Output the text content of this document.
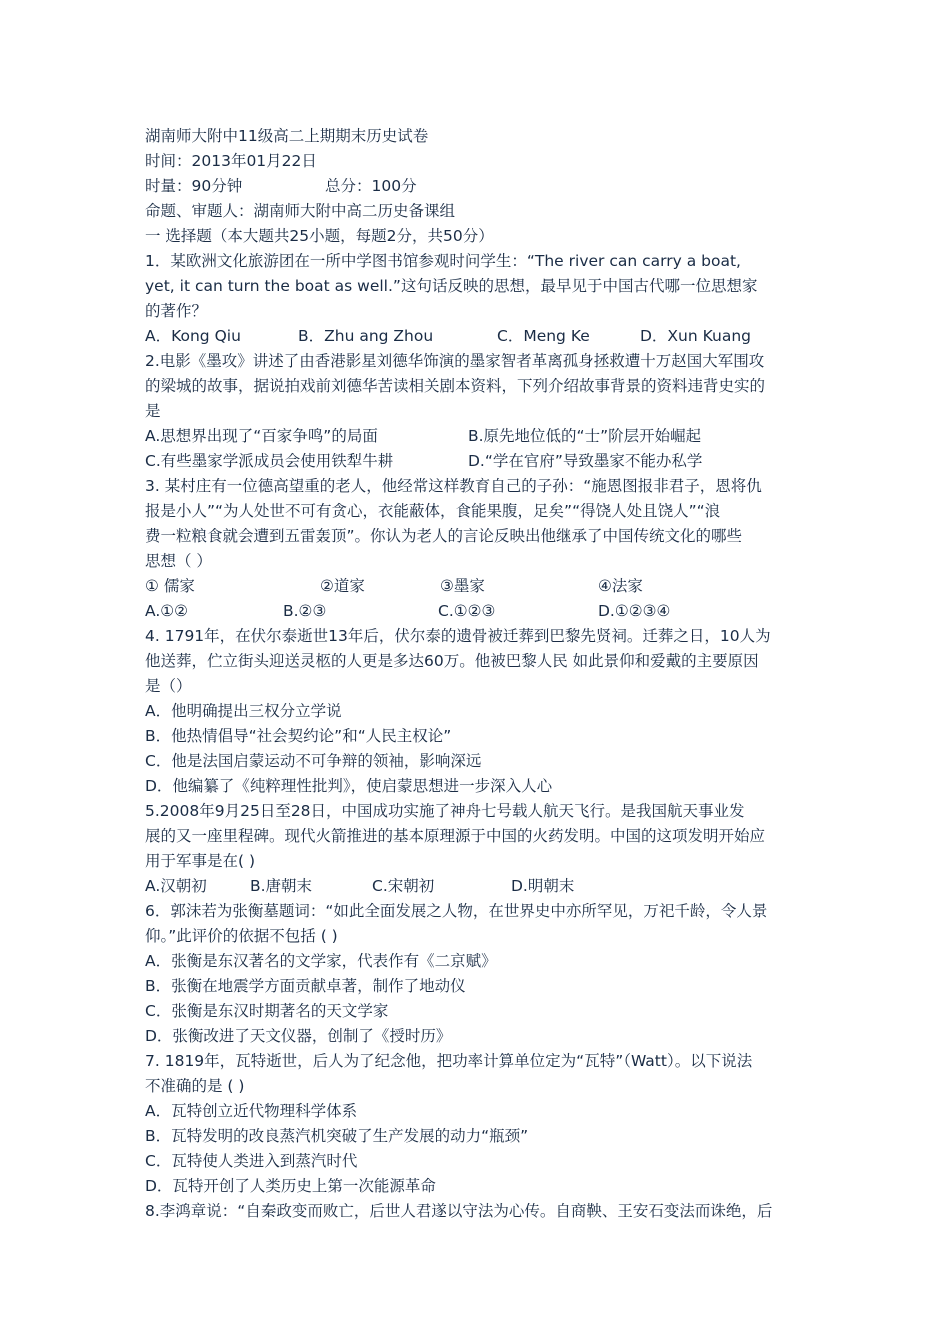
湖南师大附中11级高二上期期末历史试卷
时间：2013年01月22日
时量：90分钟	总分：100分
命题、审题人：湖南师大附中高二历史备课组
一 选择题（本大题共25小题，每题2分，共50分）
1．某欧洲文化旅游团在一所中学图书馆参观时问学生：“The river can carry a boat,
yet, it can turn the boat as well.”这句话反映的思想，最早见于中国古代哪一位思想家
的著作？
A．Kong Qiu	B．Zhu ang Zhou	C．Meng Ke	D．Xun Kuang
2.电影《墨攻》讲述了由香港影星刘德华饰演的墨家智者革离孤身拯救遭十万赵国大军围攻
的梁城的故事，据说拍戏前刘德华苦读相关剧本资料，下列介绍故事背景的资料违背史实的
是
A.思想界出现了“百家争鸣”的局面	B.原先地位低的“士”阶层开始崛起
C.有些墨家学派成员会使用铁犁牛耕	D.“学在官府”导致墨家不能办私学
3. 某村庄有一位德高望重的老人，他经常这样教育自己的子孙：“施恩图报非君子，恩将仇
报是小人”“为人处世不可有贪心，衣能蔽体，食能果腹，足矣”“得饶人处且饶人”“浪
费一粒粮食就会遭到五雷轰顶”。你认为老人的言论反映出他继承了中国传统文化的哪些
思想（ ）
① 儒家	②道家	③墨家	④法家
A.①②	B.②③	C.①②③	D.①②③④
4. 1791年，在伏尔泰逝世13年后，伏尔泰的遗骨被迁葬到巴黎先贤祠。迁葬之日，10人为
他送葬，伫立街头迎送灵柩的人更是多达60万。他被巴黎人民 如此景仰和爱戴的主要原因
是（）
A．他明确提出三权分立学说
B．他热情倡导“社会契约论”和“人民主权论”
C．他是法国启蒙运动不可争辩的领袖，影响深远
D．他编纂了《纯粹理性批判》，使启蒙思想进一步深入人心
5.2008年9月25日至28日，中国成功实施了神舟七号载人航天飞行。是我国航天事业发
展的又一座里程碑。现代火箭推进的基本原理源于中国的火药发明。中国的这项发明开始应
用于军事是在( )
A.汉朝初	B.唐朝末	C.宋朝初	D.明朝末
6．郭沫若为张衡墓题词：“如此全面发展之人物，在世界史中亦所罕见，万祀千龄，令人景
仰。”此评价的依据不包括 ( )
A．张衡是东汉著名的文学家，代表作有《二京赋》
B．张衡在地震学方面贡献卓著，制作了地动仪
C．张衡是东汉时期著名的天文学家
D．张衡改进了天文仪器，创制了《授时历》
7. 1819年，瓦特逝世，后人为了纪念他，把功率计算单位定为“瓦特”（Watt）。以下说法
不准确的是 ( )
A．瓦特创立近代物理科学体系
B．瓦特发明的改良蒸汽机突破了生产发展的动力“瓶颈”
C．瓦特使人类进入到蒸汽时代
D．瓦特开创了人类历史上第一次能源革命
8.李鸿章说：“自秦政变而败亡，后世人君遂以守法为心传。自商鞅、王安石变法而诛绝，后
